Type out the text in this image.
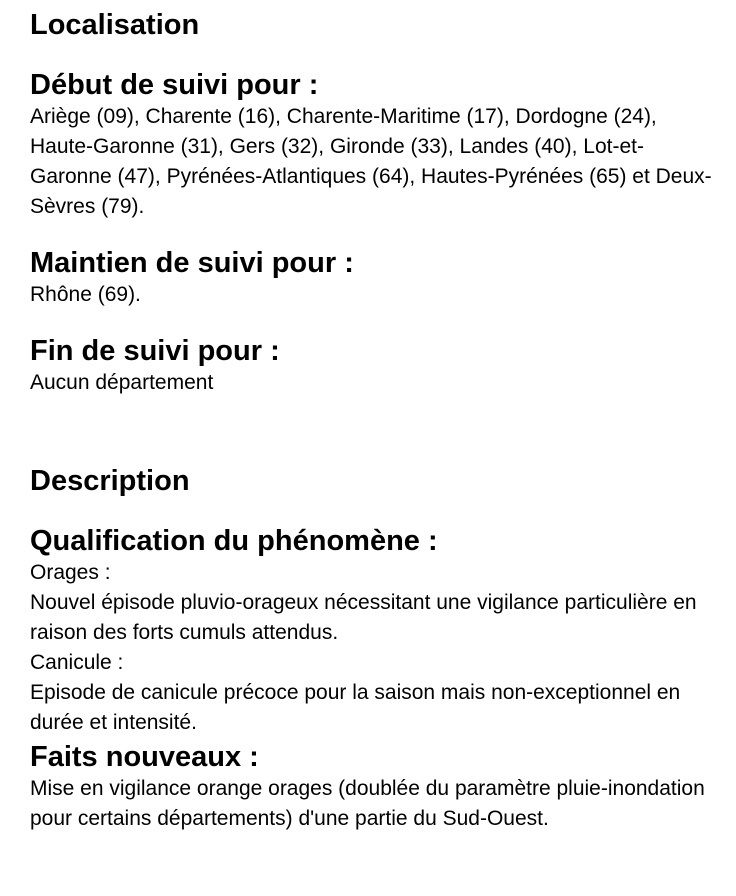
Localisation
Début de suivi pour :
Ariège (09), Charente (16), Charente-Maritime (17), Dordogne (24), Haute-Garonne (31), Gers (32), Gironde (33), Landes (40), Lot-et-Garonne (47), Pyrénées-Atlantiques (64), Hautes-Pyrénées (65) et Deux-Sèvres (79).
Maintien de suivi pour :
Rhône (69).
Fin de suivi pour :
Aucun département
Description
Qualification du phénomène :
Orages :
Nouvel épisode pluvio-orageux nécessitant une vigilance particulière en raison des forts cumuls attendus.
Canicule :
Episode de canicule précoce pour la saison mais non-exceptionnel en durée et intensité.
Faits nouveaux :
Mise en vigilance orange orages (doublée du paramètre pluie-inondation pour certains départements) d'une partie du Sud-Ouest.
